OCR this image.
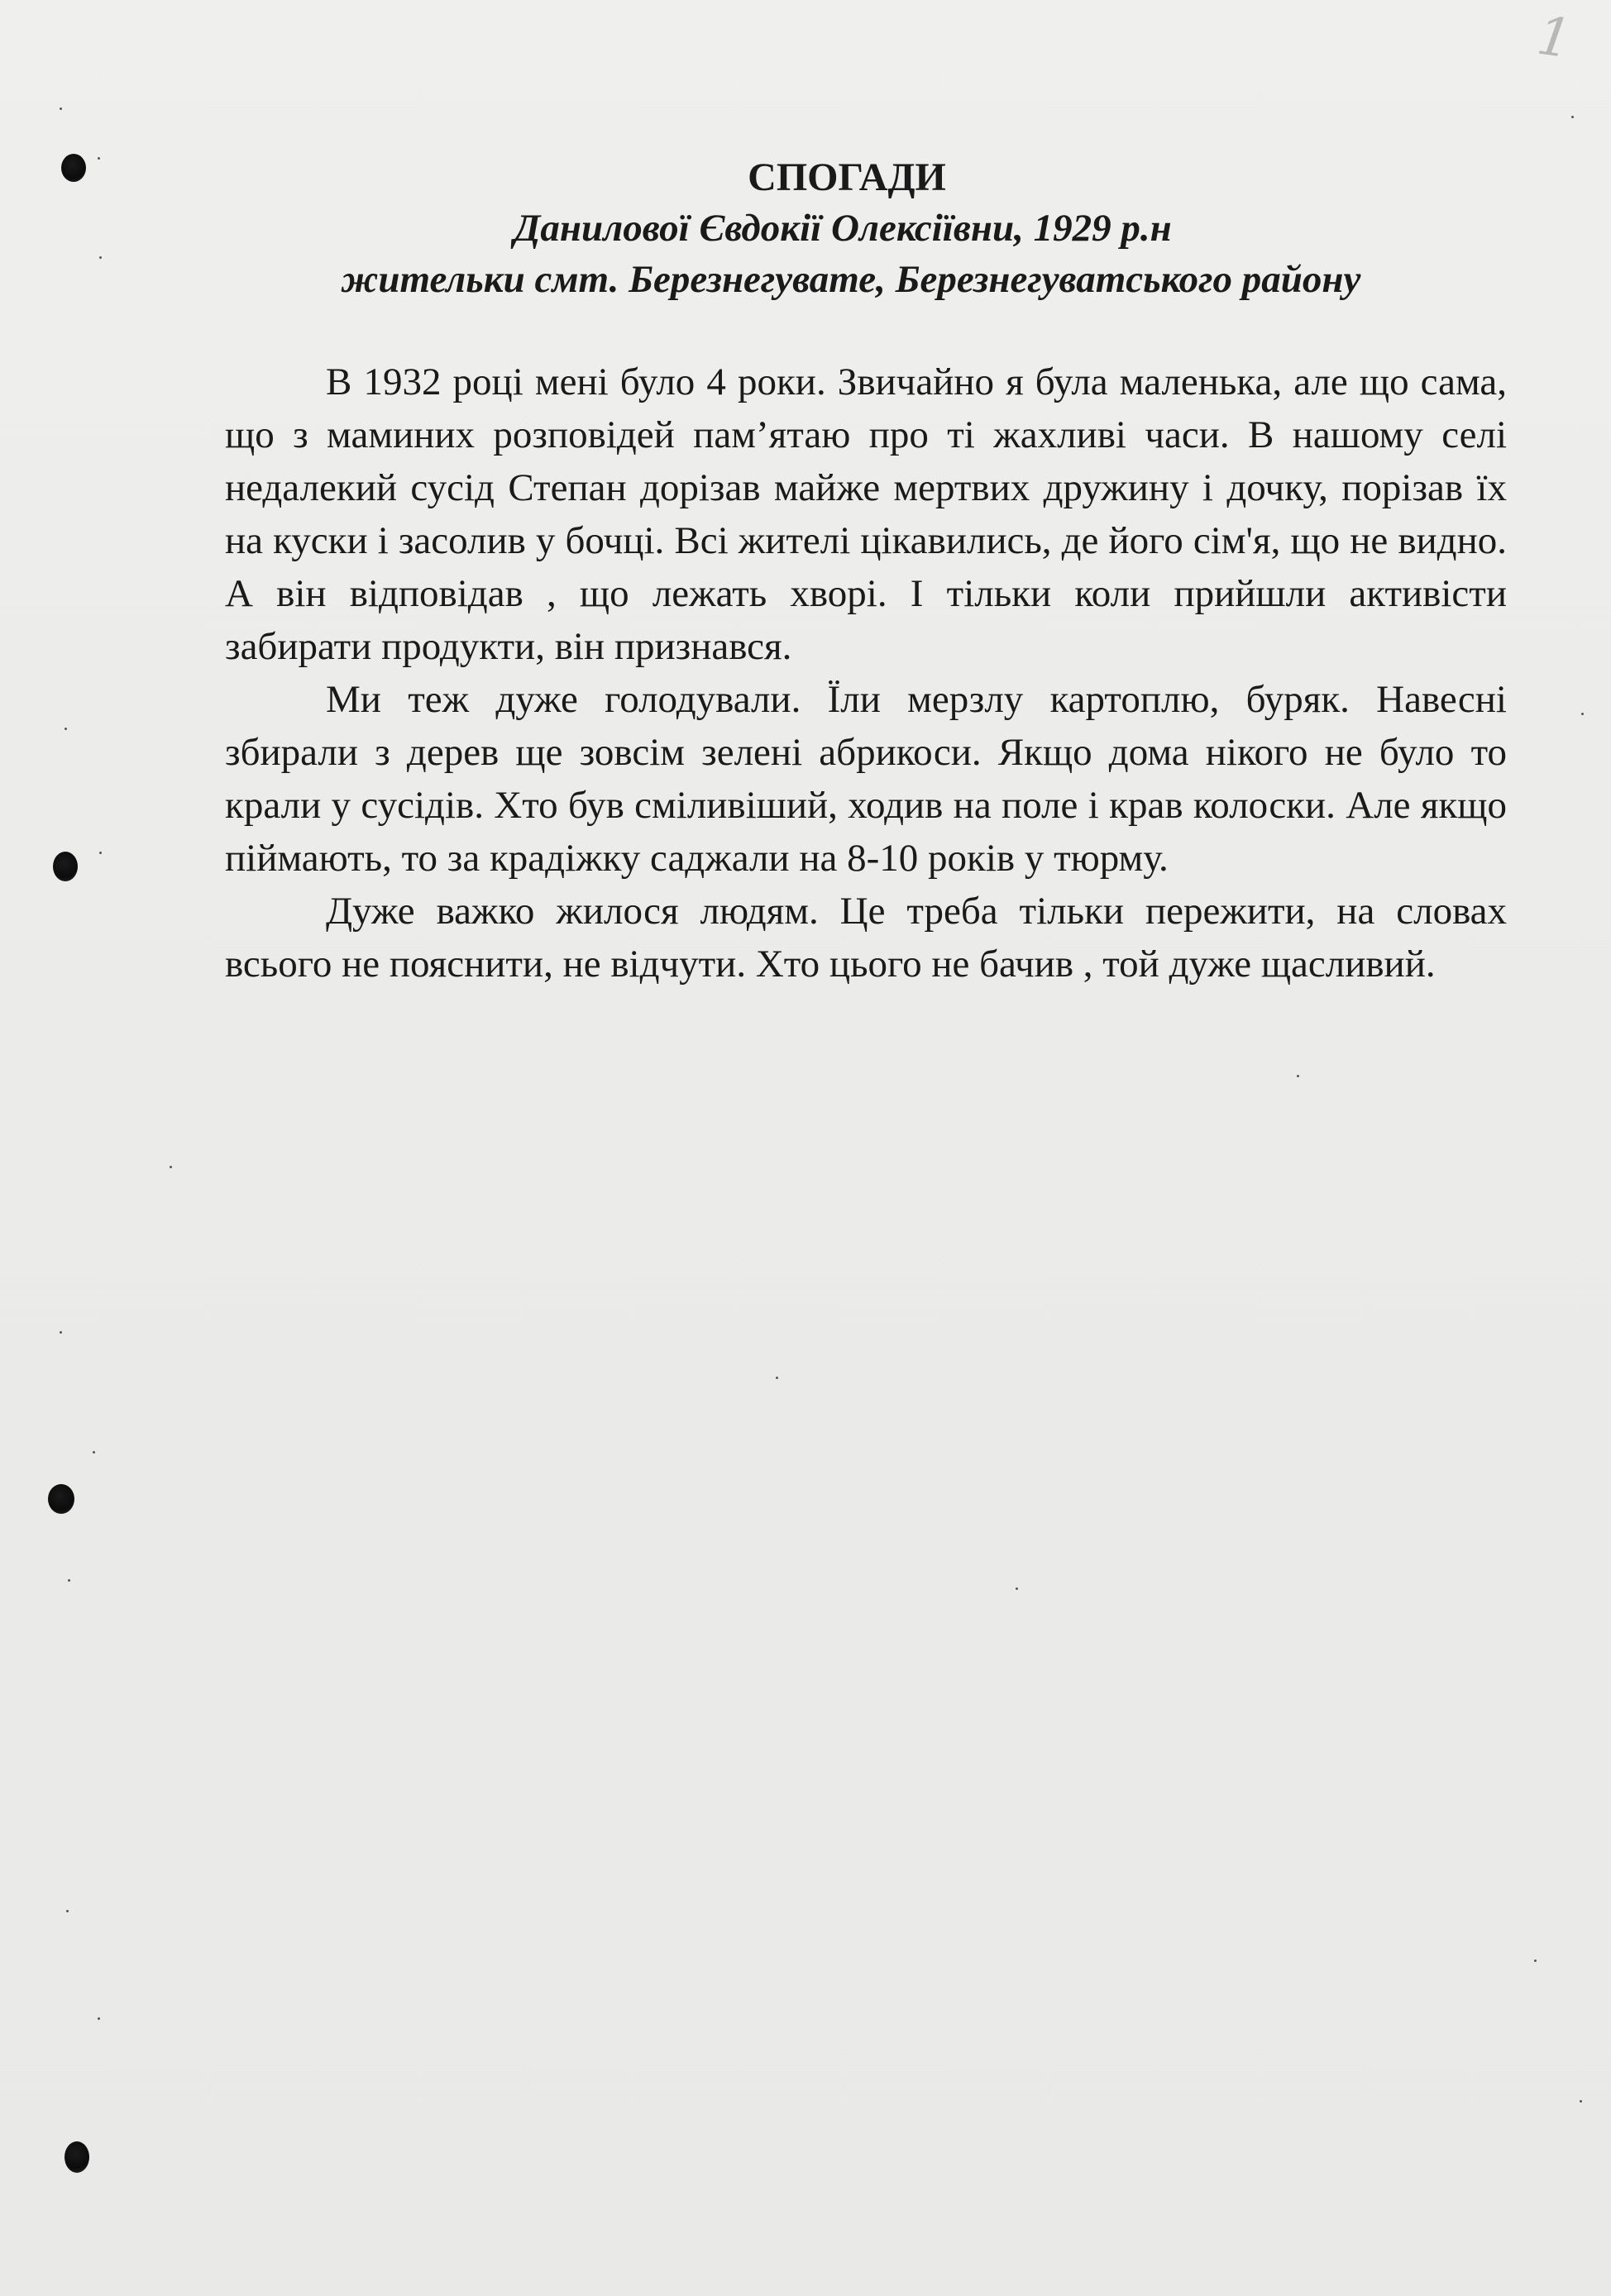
1
СПОГАДИ
Данилової Євдокії Олексіївни, 1929 р.н
жительки смт. Березнегувате, Березнегуватського району

В 1932 році мені було 4 роки. Звичайно я була маленька, але що сама, що з маминих розповідей пам’ятаю про ті жахливі часи. В нашому селі недалекий сусід Степан дорізав майже мертвих дружину і дочку, порізав їх на куски і засолив у бочці. Всі жителі цікавились, де його сім'я, що не видно. А він відповідав , що лежать хворі. І тільки коли прийшли активісти забирати продукти, він признався.

Ми теж дуже голодували. Їли мерзлу картоплю, буряк. Навесні збирали з дерев ще зовсім зелені абрикоси. Якщо дома нікого не було то крали у сусідів. Хто був сміливіший, ходив на поле і крав колоски. Але якщо піймають, то за крадіжку саджали на 8-10 років у тюрму.

Дуже важко жилося людям. Це треба тільки пережити, на словах всього не пояснити, не відчути. Хто цього не бачив , той дуже щасливий.
